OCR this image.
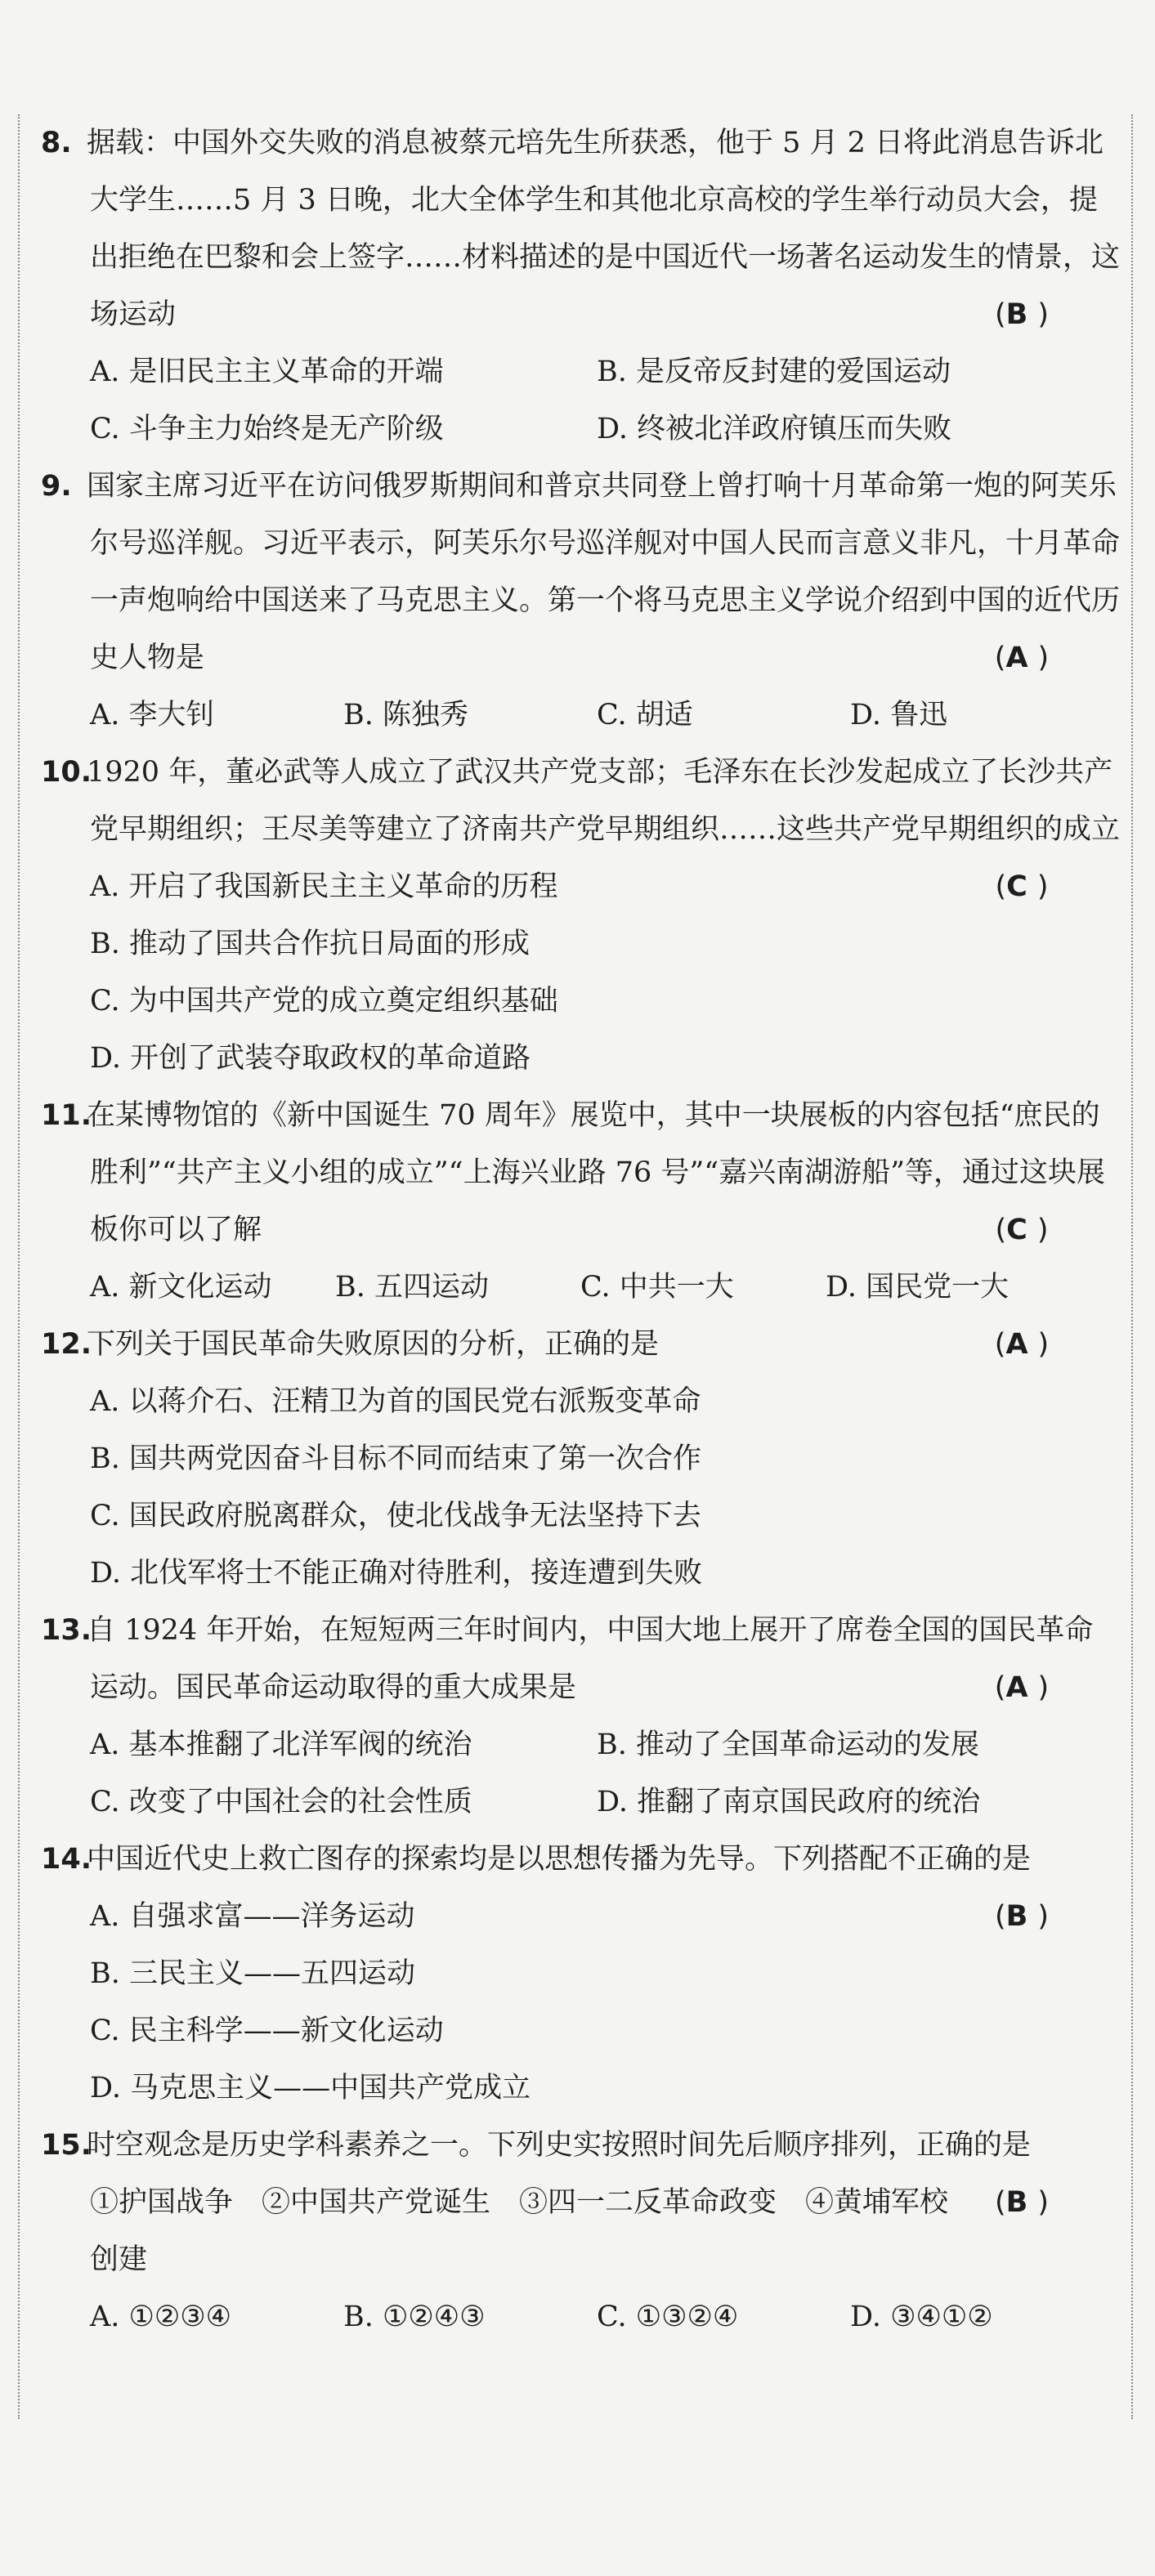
8. 据载：中国外交失败的消息被蔡元培先生所获悉，他于 5 月 2 日将此消息告诉北大学生……5 月 3 日晚，北大全体学生和其他北京高校的学生举行动员大会，提出拒绝在巴黎和会上签字……材料描述的是中国近代一场著名运动发生的情景，这场运动	(B)

A. 是旧民主主义革命的开端	B. 是反帝反封建的爱国运动
C. 斗争主力始终是无产阶级	D. 终被北洋政府镇压而失败

9. 国家主席习近平在访问俄罗斯期间和普京共同登上曾打响十月革命第一炮的阿芙乐尔号巡洋舰。习近平表示，阿芙乐尔号巡洋舰对中国人民而言意义非凡，十月革命一声炮响给中国送来了马克思主义。第一个将马克思主义学说介绍到中国的近代历史人物是	(A)

A. 李大钊	B. 陈独秀	C. 胡适	D. 鲁迅

10.1920 年，董必武等人成立了武汉共产党支部；毛泽东在长沙发起成立了长沙共产党早期组织；王尽美等建立了济南共产党早期组织……这些共产党早期组织的成立
(C)

A. 开启了我国新民主主义革命的历程
B. 推动了国共合作抗日局面的形成
C. 为中国共产党的成立奠定组织基础
D. 开创了武装夺取政权的革命道路

11.在某博物馆的《新中国诞生 70 周年》展览中，其中一块展板的内容包括“庶民的胜利”“共产主义小组的成立”“上海兴业路 76 号”“嘉兴南湖游船”等，通过这块展板你可以了解	(C)

A. 新文化运动	B. 五四运动	C. 中共一大	D. 国民党一大

12.下列关于国民革命失败原因的分析，正确的是	(A)

A. 以蒋介石、汪精卫为首的国民党右派叛变革命
B. 国共两党因奋斗目标不同而结束了第一次合作
C. 国民政府脱离群众，使北伐战争无法坚持下去
D. 北伐军将士不能正确对待胜利，接连遭到失败

13.自 1924 年开始，在短短两三年时间内，中国大地上展开了席卷全国的国民革命运动。国民革命运动取得的重大成果是	(A)

A. 基本推翻了北洋军阀的统治	B. 推动了全国革命运动的发展
C. 改变了中国社会的社会性质	D. 推翻了南京国民政府的统治

14.中国近代史上救亡图存的探索均是以思想传播为先导。下列搭配不正确的是
(B)

A. 自强求富——洋务运动
B. 三民主义——五四运动
C. 民主科学——新文化运动
D. 马克思主义——中国共产党成立

15.时空观念是历史学科素养之一。下列史实按照时间先后顺序排列，正确的是
(B)

①护国战争　②中国共产党诞生　③四一二反革命政变　④黄埔军校创建

A. ①②③④	B. ①②④③	C. ①③②④	D. ③④①②
